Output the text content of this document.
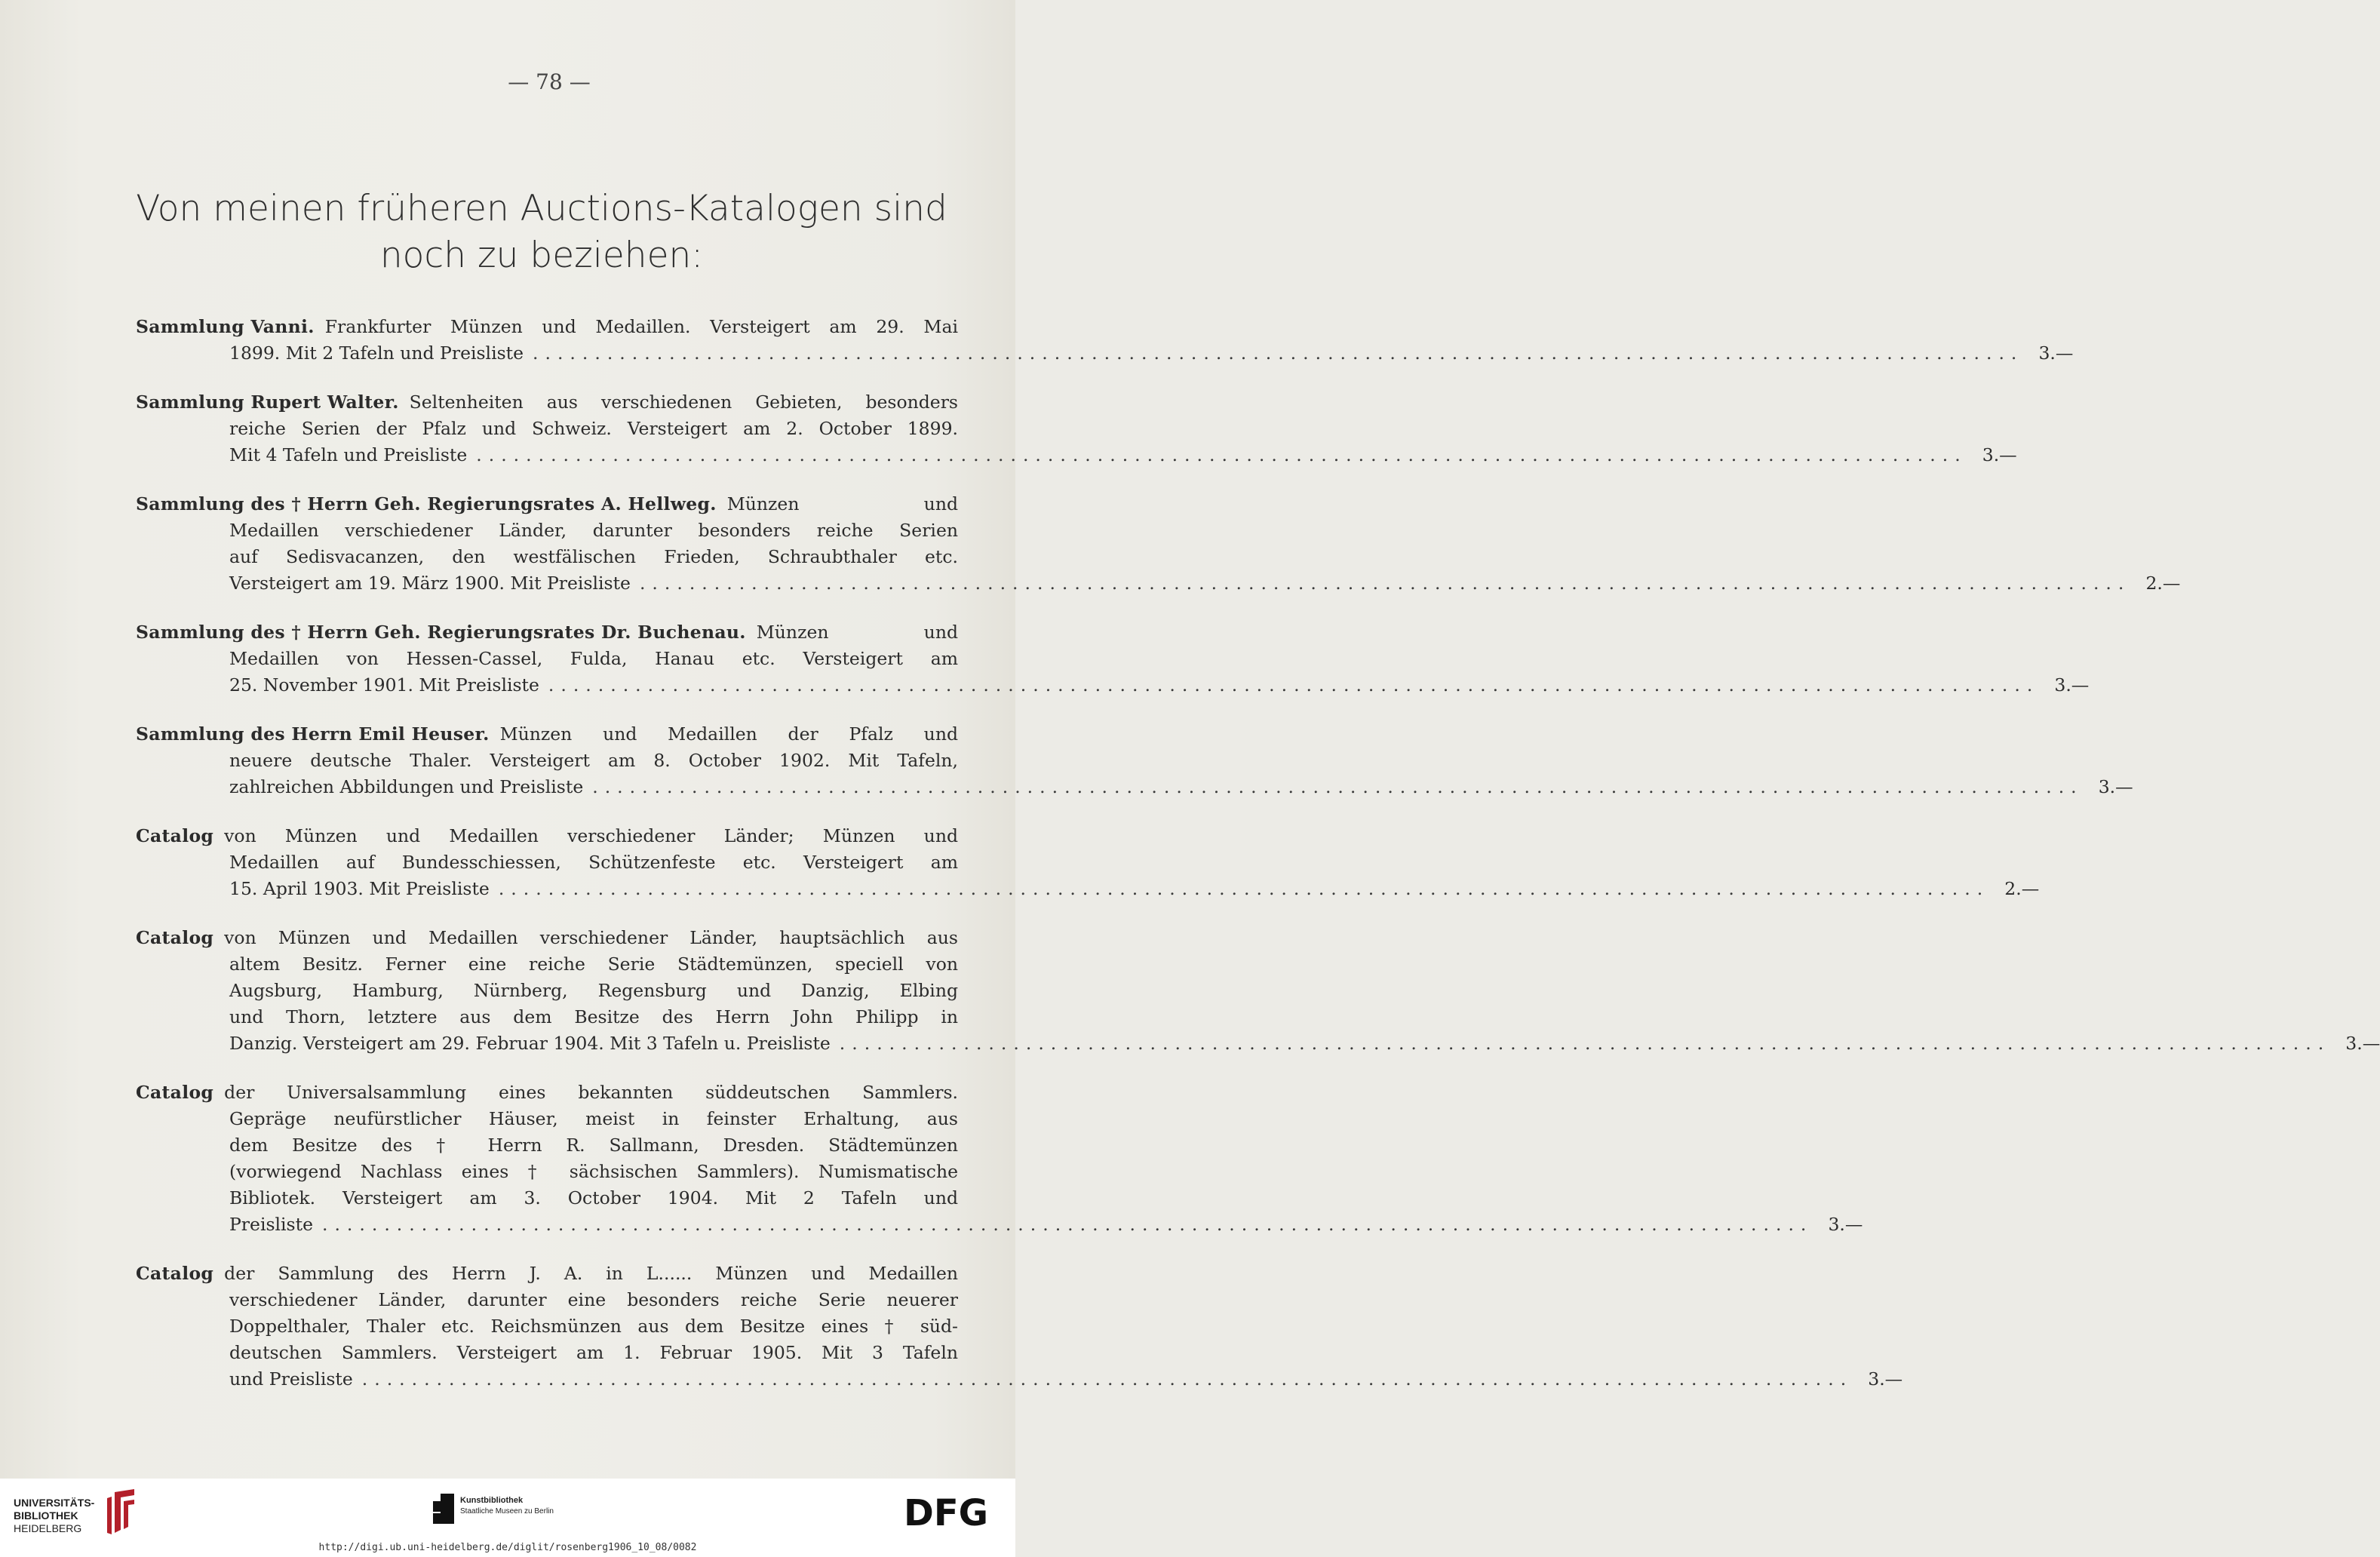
— 78 —
Von meinen früheren Auctions-Katalogen sind
noch zu beziehen:
Sammlung Vanni. Frankfurter Münzen und Medaillen. Versteigert am 29. Mai
1899. Mit 2 Tafeln und Preisliste ........................................................................................................................ 3.—
Sammlung Rupert Walter. Seltenheiten aus verschiedenen Gebieten, besonders
reiche Serien der Pfalz und Schweiz. Versteigert am 2. October 1899.
Mit 4 Tafeln und Preisliste ........................................................................................................................ 3.—
Sammlung des † Herrn Geh. Regierungsrates A. Hellweg. Münzen und
Medaillen verschiedener Länder, darunter besonders reiche Serien
auf Sedisvacanzen, den westfälischen Frieden, Schraubthaler etc.
Versteigert am 19. März 1900. Mit Preisliste ........................................................................................................................ 2.—
Sammlung des † Herrn Geh. Regierungsrates Dr. Buchenau. Münzen und
Medaillen von Hessen-Cassel, Fulda, Hanau etc. Versteigert am
25. November 1901. Mit Preisliste ........................................................................................................................ 3.—
Sammlung des Herrn Emil Heuser. Münzen und Medaillen der Pfalz und
neuere deutsche Thaler. Versteigert am 8. October 1902. Mit Tafeln,
zahlreichen Abbildungen und Preisliste ........................................................................................................................ 3.—
Catalog von Münzen und Medaillen verschiedener Länder; Münzen und
Medaillen auf Bundesschiessen, Schützenfeste etc. Versteigert am
15. April 1903. Mit Preisliste ........................................................................................................................ 2.—
Catalog von Münzen und Medaillen verschiedener Länder, hauptsächlich aus
altem Besitz. Ferner eine reiche Serie Städtemünzen, speciell von
Augsburg, Hamburg, Nürnberg, Regensburg und Danzig, Elbing
und Thorn, letztere aus dem Besitze des Herrn John Philipp in
Danzig. Versteigert am 29. Februar 1904. Mit 3 Tafeln u. Preisliste ........................................................................................................................ 3.—
Catalog der Universalsammlung eines bekannten süddeutschen Sammlers.
Gepräge neufürstlicher Häuser, meist in feinster Erhaltung, aus
dem Besitze des † Herrn R. Sallmann, Dresden. Städtemünzen
(vorwiegend Nachlass eines † sächsischen Sammlers). Numismatische
Bibliotek. Versteigert am 3. October 1904. Mit 2 Tafeln und
Preisliste ........................................................................................................................ 3.—
Catalog der Sammlung des Herrn J. A. in L...... Münzen und Medaillen
verschiedener Länder, darunter eine besonders reiche Serie neuerer
Doppelthaler, Thaler etc. Reichsmünzen aus dem Besitze eines † süd-
deutschen Sammlers. Versteigert am 1. Februar 1905. Mit 3 Tafeln
und Preisliste ........................................................................................................................ 3.—
UNIVERSITÄTS-
BIBLIOTHEK
HEIDELBERG
Kunstbibliothek
Staatliche Museen zu Berlin	DFG
http://digi.ub.uni-heidelberg.de/diglit/rosenberg1906_10_08/0082
